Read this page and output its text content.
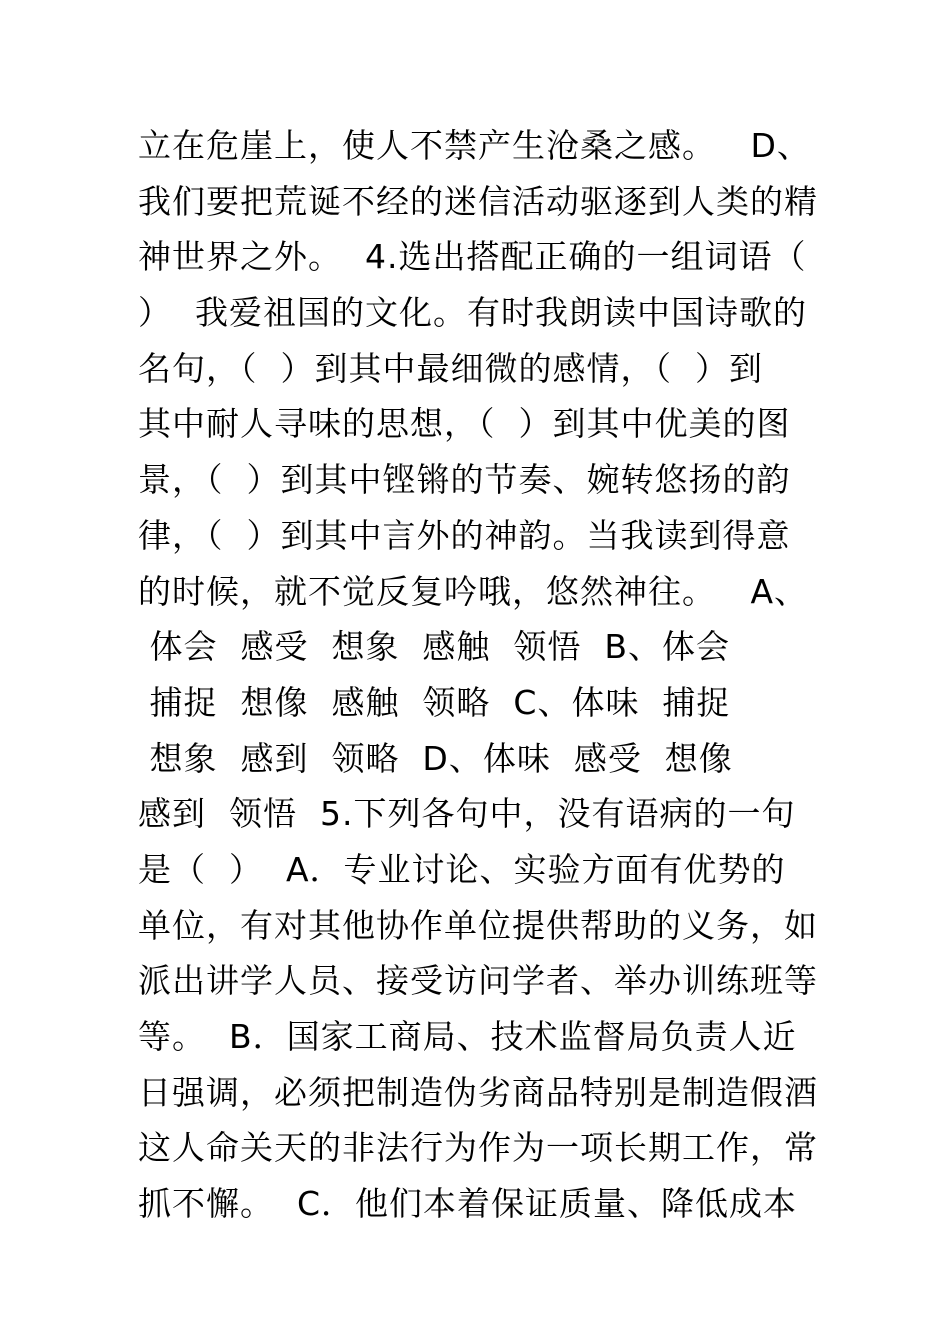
立在危崖上，使人不禁产生沧桑之感。   D、
我们要把荒诞不经的迷信活动驱逐到人类的精
神世界之外。  4.选出搭配正确的一组词语（
）  我爱祖国的文化。有时我朗读中国诗歌的
名句，（  ）到其中最细微的感情，（  ）到
其中耐人寻味的思想，（  ）到其中优美的图
景，（  ）到其中铿锵的节奏、婉转悠扬的韵
律，（  ）到其中言外的神韵。当我读到得意
的时候，就不觉反复吟哦，悠然神往。   A、
体会  感受  想象  感触  领悟  B、体会
捕捉  想像  感触  领略  C、体味  捕捉
想象  感到  领略  D、体味  感受  想像
感到  领悟  5.下列各句中，没有语病的一句
是（  ）  A．专业讨论、实验方面有优势的
单位，有对其他协作单位提供帮助的义务，如
派出讲学人员、接受访问学者、举办训练班等
等。  B．国家工商局、技术监督局负责人近
日强调，必须把制造伪劣商品特别是制造假酒
这人命关天的非法行为作为一项长期工作，常
抓不懈。  C．他们本着保证质量、降低成本
